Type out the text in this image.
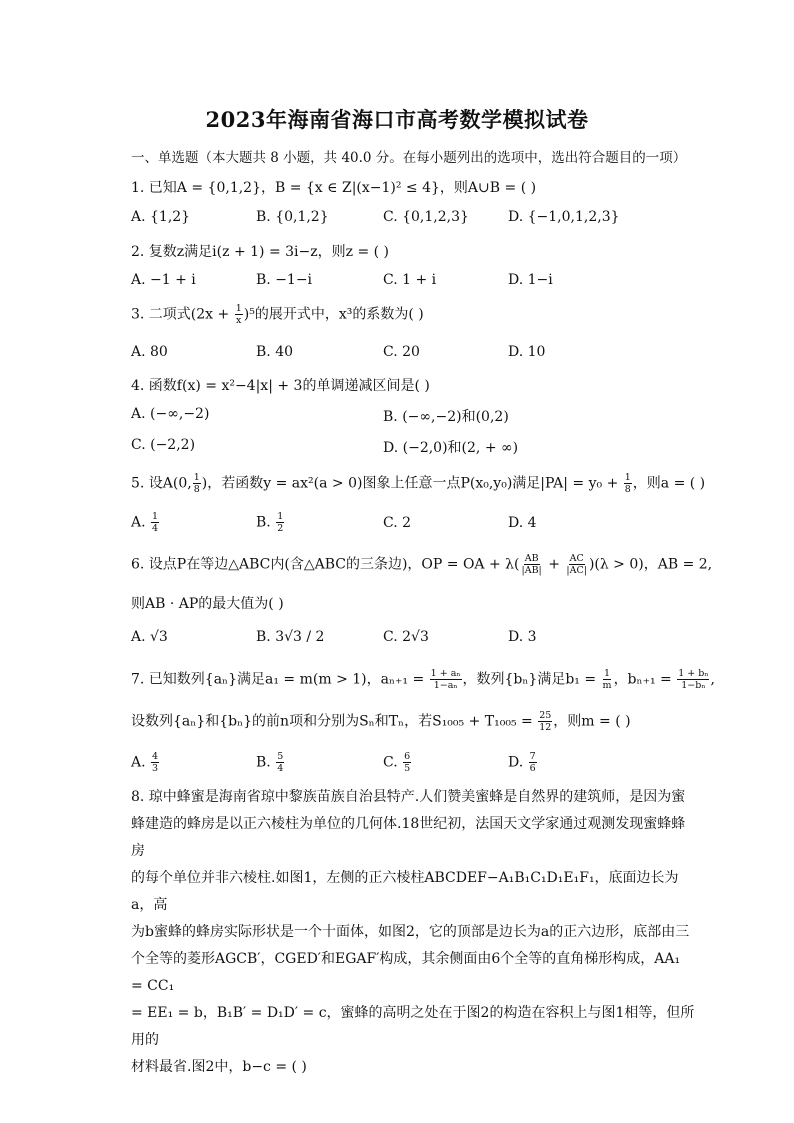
2023年海南省海口市高考数学模拟试卷
一、单选题（本大题共 8 小题，共 40.0 分。在每小题列出的选项中，选出符合题目的一项）
1. 已知A = {0,1,2}，B = {x ∈ Z|(x−1)² ≤ 4}，则A∪B = ( )
A. {1,2}	B. {0,1,2}	C. {0,1,2,3}	D. {−1,0,1,2,3}
2. 复数z满足i(z + 1) = 3i−z，则z = ( )
A. −1 + i	B. −1−i	C. 1 + i	D. 1−i
3. 二项式$(2x + \frac{1}{x} )^5$的展开式中，x³的系数为( )
A. 80	B. 40	C. 20	D. 10
4. 函数f(x) = x²−4|x| + 3的单调递减区间是( )
A. (−∞,−2)	B. (−∞,−2)和(0,2)
C. (−2,2)	D. (−2,0)和(2, + ∞)
5. 设A(0, $\frac{1}{8}$ )，若函数y = ax²(a > 0)图象上任意一点P(x₀,y₀)满足$|PA| = y_0 + \frac{1}{8}$ ，则a = ( )
A. $\frac{1}{4}$	B. $\frac{1}{2}$	C. 2	D. 4
6. 设点P在等边△ABC内(含△ABC的三条边)，OP = OA + $\lambda( \frac{AB}{|AB|} + \frac{AC}{|AC|} )(\lambda > 0)$，AB = 2,
则AB · AP的最大值为( )
A. √3	B. 3√3 / 2	C. 2√3	D. 3
7. 已知数列{aₙ}满足a₁ = m(m > 1)，$a_{n+1} = \frac{\text{1 + aₙ}}{\text{1−aₙ}}$ ，数列{bₙ}满足$b_1 = \frac{1}{m}$ ，$b_{n+1} = \frac{\text{1 + bₙ}}{\text{1−bₙ}}$ ,
设数列{aₙ}和{bₙ}的前n项和分别为Sₙ和Tₙ，若$S_{1005} + T_{1005} = \frac{25}{12}$ ，则m = ( )
A. $\frac{4}{3}$	B. $\frac{5}{4}$	C. $\frac{6}{5}$	D. $\frac{7}{6}$
8. 琼中蜂蜜是海南省琼中黎族苗族自治县特产.人们赞美蜜蜂是自然界的建筑师，是因为蜜
蜂建造的蜂房是以正六棱柱为单位的几何体.18世纪初，法国天文学家通过观测发现蜜蜂蜂房
的每个单位并非六棱柱.如图1，左侧的正六棱柱ABCDEF−A₁B₁C₁D₁E₁F₁，底面边长为a，高
为b蜜蜂的蜂房实际形状是一个十面体，如图2，它的顶部是边长为a的正六边形，底部由三
个全等的菱形AGCB′，CGED′和EGAF′构成，其余侧面由6个全等的直角梯形构成，AA₁ = CC₁
= EE₁ = b，B₁B′ = D₁D′ = c，蜜蜂的高明之处在于图2的构造在容积上与图1相等，但所用的
材料最省.图2中，b−c = ( )
